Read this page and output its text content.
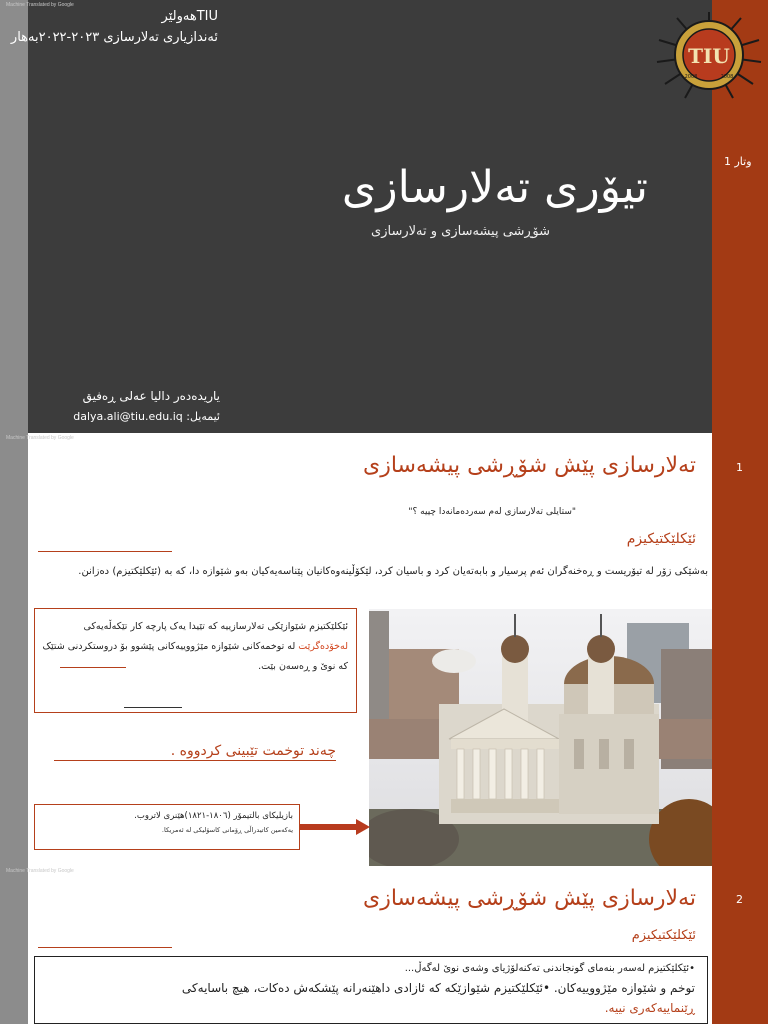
Machine Translated by Google
TIUهەولێر
ئەندازیاری تەلارسازی ٢٠٢٣-٢٠٢٢بەهار
TIU
2008	2008
وتار 1
تیۆری تەلارسازی
شۆڕشی پیشەسازی و تەلارسازی
یاریدەدەر دالیا عەلی ڕەفیق
ئیمەیل: dalya.ali@tiu.edu.iq
Machine Translated by Google
1
تەلارسازی پێش شۆڕشی پیشەسازی
"ستایلی تەلارسازی لەم سەردەمانەدا چییە ؟"
ئێکلێکتیکیزم
بەشێکی زۆر لە تیۆریست و ڕەخنەگران ئەم پرسیار و بابەتەیان کرد و باسیان کرد، لێکۆڵینەوەکانیان پێناسەیەکیان بەو شێوازە دا، کە بە (ئێکلێکتیزم) دەزانن.
ئێکلێکتیزم شێوازێکی تەلارسازییە کە تێیدا یەک پارچە کار تێکەڵەیەکی لەخۆدەگرێت لە توخمەکانی شێوازە مێژووییەکانی پێشوو بۆ دروستکردنی شتێک کە نوێ و ڕەسەن بێت.
چەند توخمت تێبینی کردووە .
بازیلیکای بالتیمۆر (١٨٠٦-١٨٢١)هێنری لاتروب.
یەکەمین کاتیدراڵی ڕۆمانی کاسۆلیکی لە ئەمریکا.
Machine Translated by Google
2
تەلارسازی پێش شۆڕشی پیشەسازی
ئێکلێکتیکیزم
•ئێکلێکتیزم لەسەر بنەمای گونجاندنی تەکنەلۆژیای وشەی نوێ لەگەڵ...
توخم و شێوازە مێژووییەکان. •ئێکلێکتیزم شێوازێکە کە ئازادی داهێنەرانە پێشکەش دەکات، هیچ باسایەکی
ڕێنماییەکەری نییە.
